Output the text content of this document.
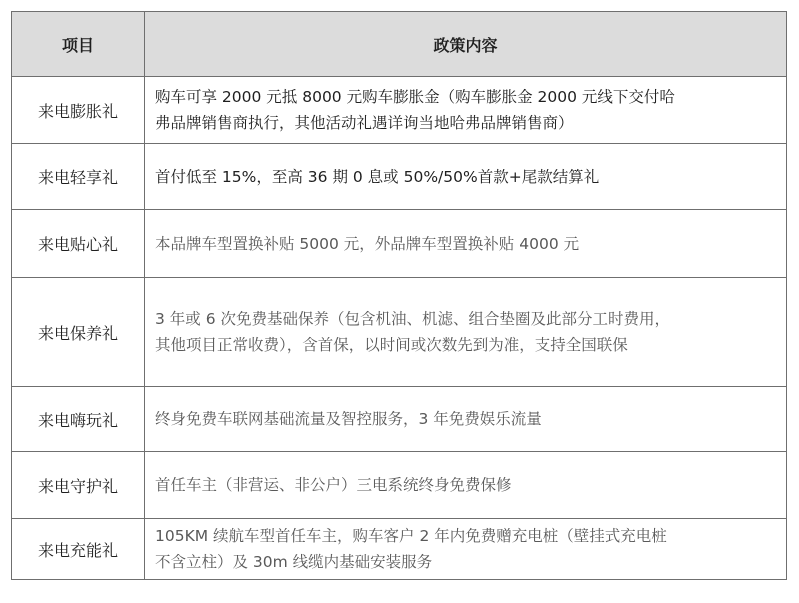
项目	政策内容
来电膨胀礼	购车可享 2000 元抵 8000 元购车膨胀金（购车膨胀金 2000 元线下交付哈
弗品牌销售商执行，其他活动礼遇详询当地哈弗品牌销售商）

来电轻享礼	首付低至 15%，至高 36 期 0 息或 50%/50%首款+尾款结算礼

来电贴心礼	本品牌车型置换补贴 5000 元，外品牌车型置换补贴 4000 元

来电保养礼	3 年或 6 次免费基础保养（包含机油、机滤、组合垫圈及此部分工时费用，
其他项目正常收费），含首保，以时间或次数先到为准，支持全国联保

来电嗨玩礼	终身免费车联网基础流量及智控服务，3 年免费娱乐流量

来电守护礼	首任车主（非营运、非公户）三电系统终身免费保修

来电充能礼	105KM 续航车型首任车主，购车客户 2 年内免费赠充电桩（壁挂式充电桩
不含立柱）及 30m 线缆内基础安装服务
